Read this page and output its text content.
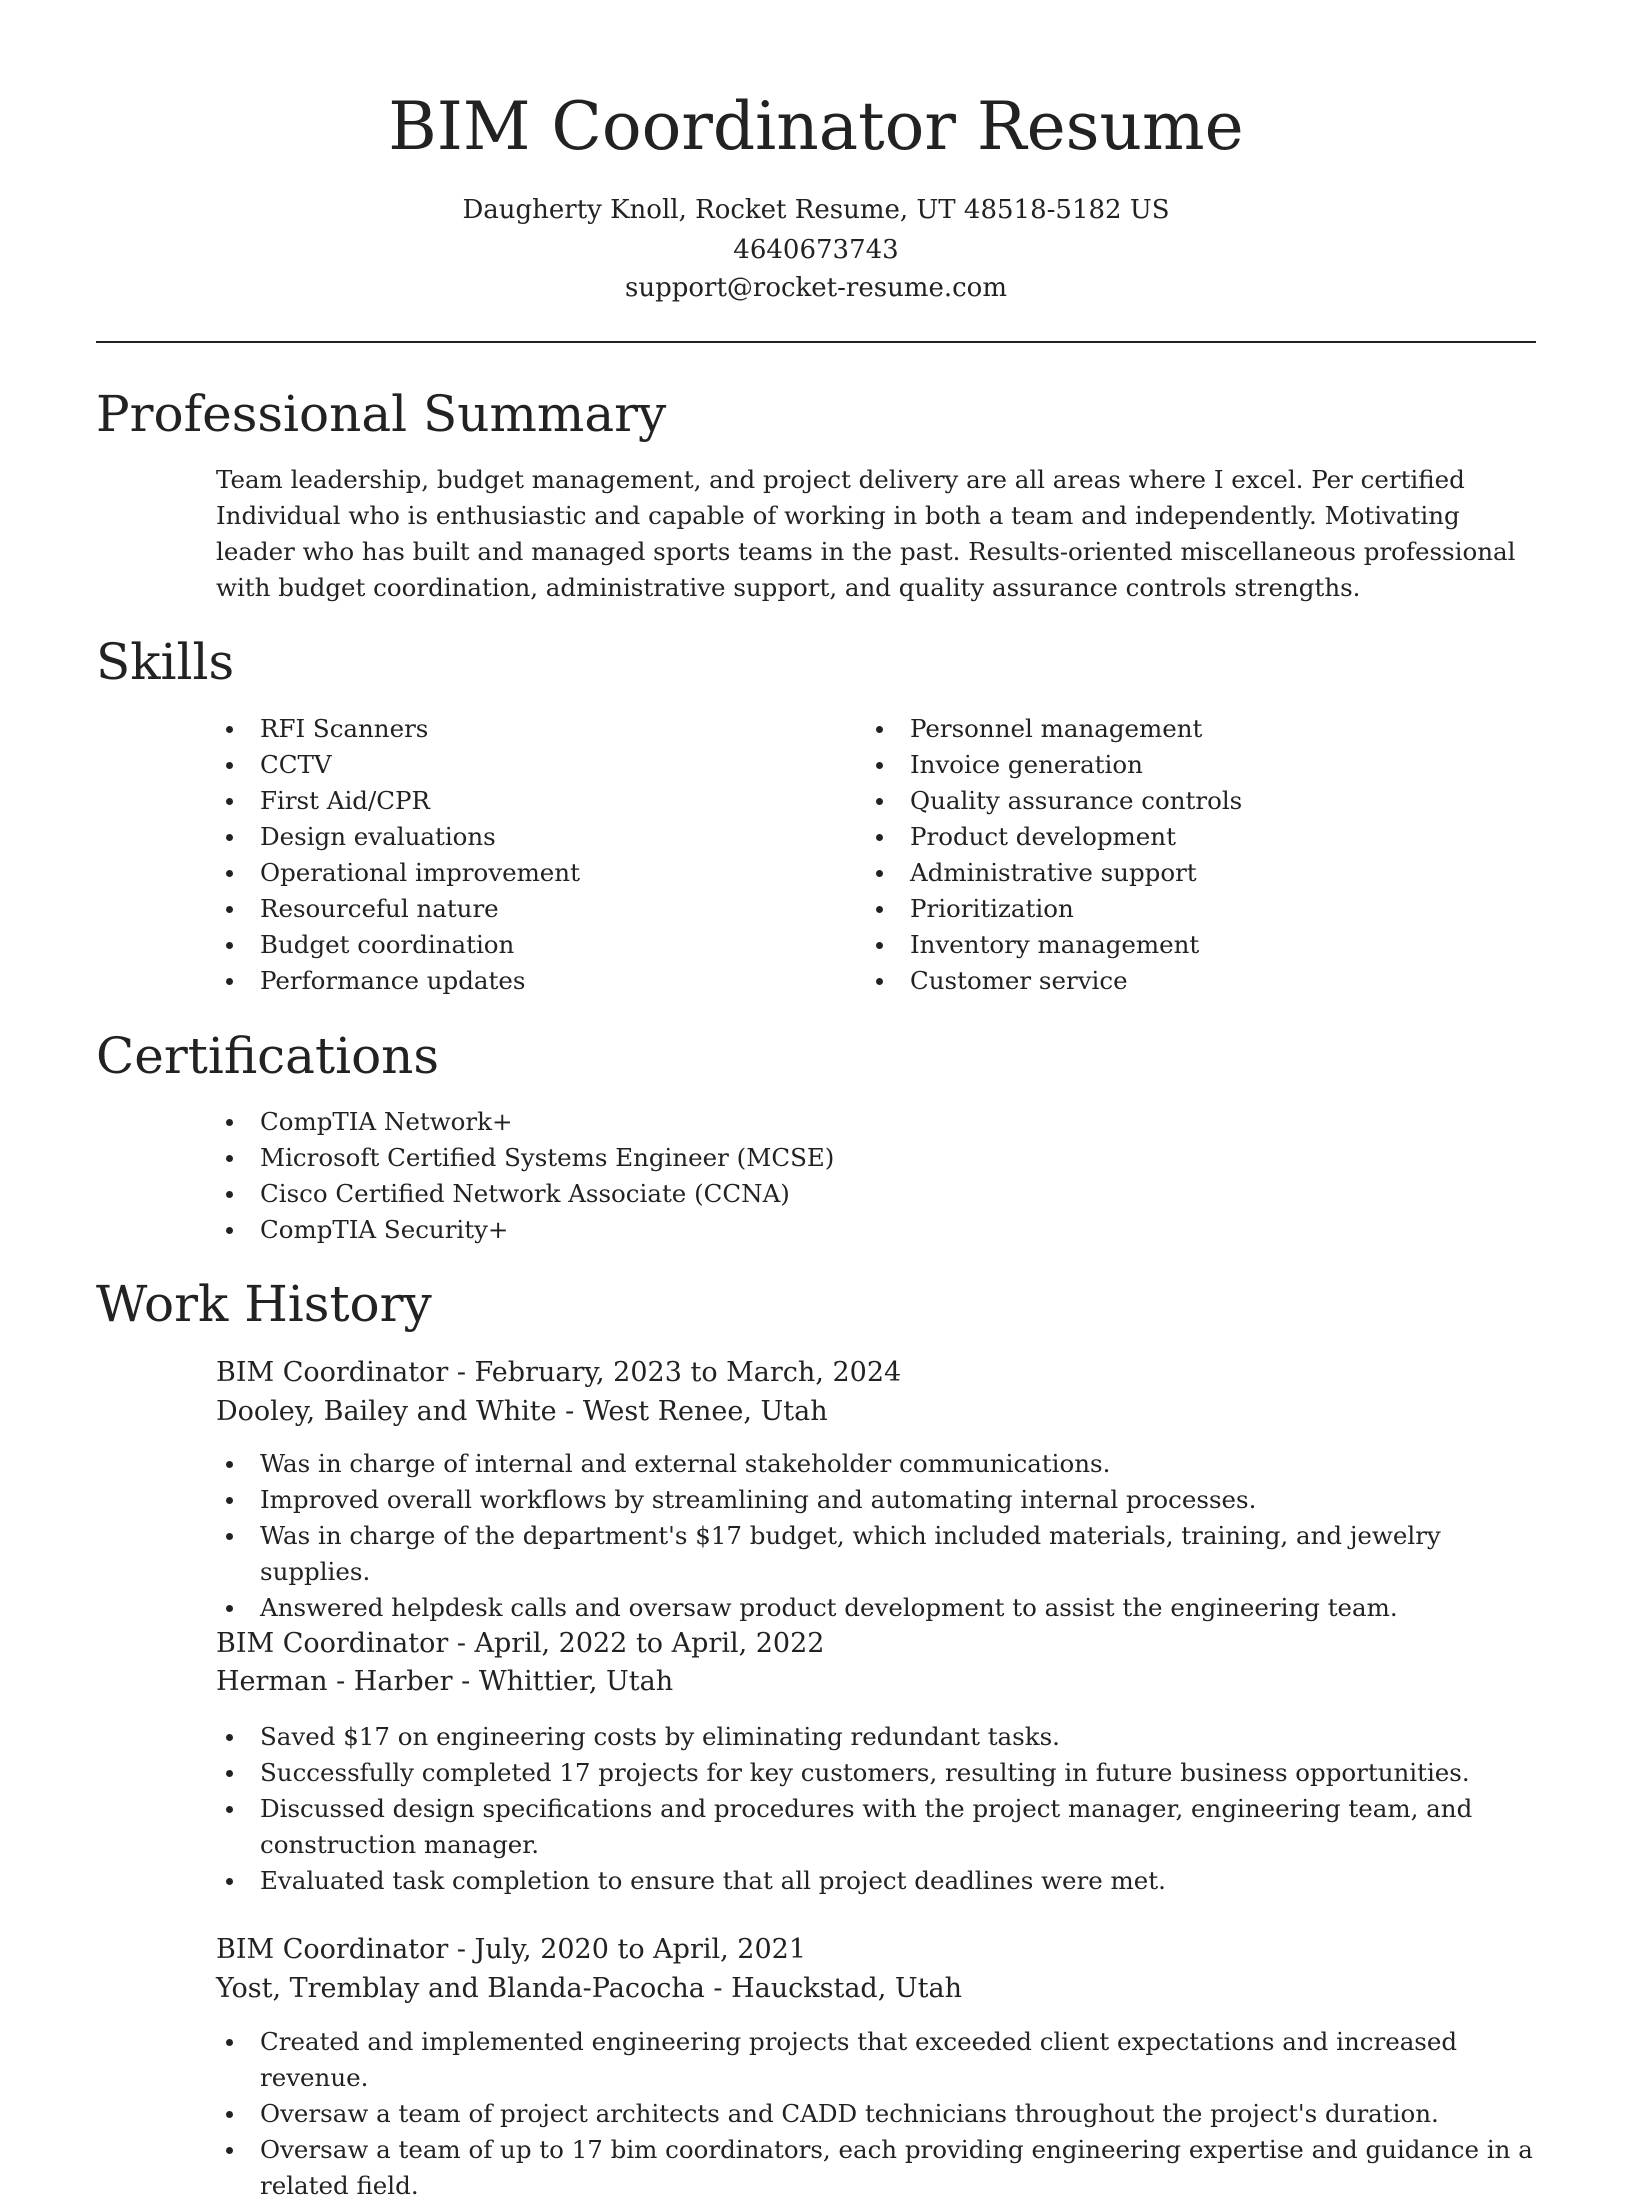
BIM Coordinator Resume
Daugherty Knoll, Rocket Resume, UT 48518-5182 US
4640673743
support@rocket-resume.com
Professional Summary

Team leadership, budget management, and project delivery are all areas where I excel. Per certified Individual who is enthusiastic and capable of working in both a team and independently. Motivating leader who has built and managed sports teams in the past. Results-oriented miscellaneous professional with budget coordination, administrative support, and quality assurance controls strengths.

Skills
RFI Scanners
CCTV
First Aid/CPR
Design evaluations
Operational improvement
Resourceful nature
Budget coordination
Performance updates
Personnel management
Invoice generation
Quality assurance controls
Product development
Administrative support
Prioritization
Inventory management
Customer service
Certifications
CompTIA Network+
Microsoft Certified Systems Engineer (MCSE)
Cisco Certified Network Associate (CCNA)
CompTIA Security+
Work History
BIM Coordinator - February, 2023 to March, 2024
Dooley, Bailey and White - West Renee, Utah
Was in charge of internal and external stakeholder communications.
Improved overall workflows by streamlining and automating internal processes.
Was in charge of the department's $17 budget, which included materials, training, and jewelry supplies.
Answered helpdesk calls and oversaw product development to assist the engineering team.
BIM Coordinator - April, 2022 to April, 2022
Herman - Harber - Whittier, Utah
Saved $17 on engineering costs by eliminating redundant tasks.
Successfully completed 17 projects for key customers, resulting in future business opportunities.
Discussed design specifications and procedures with the project manager, engineering team, and construction manager.
Evaluated task completion to ensure that all project deadlines were met.
BIM Coordinator - July, 2020 to April, 2021
Yost, Tremblay and Blanda-Pacocha - Hauckstad, Utah
Created and implemented engineering projects that exceeded client expectations and increased revenue.
Oversaw a team of project architects and CADD technicians throughout the project's duration.
Oversaw a team of up to 17 bim coordinators, each providing engineering expertise and guidance in a related field.
